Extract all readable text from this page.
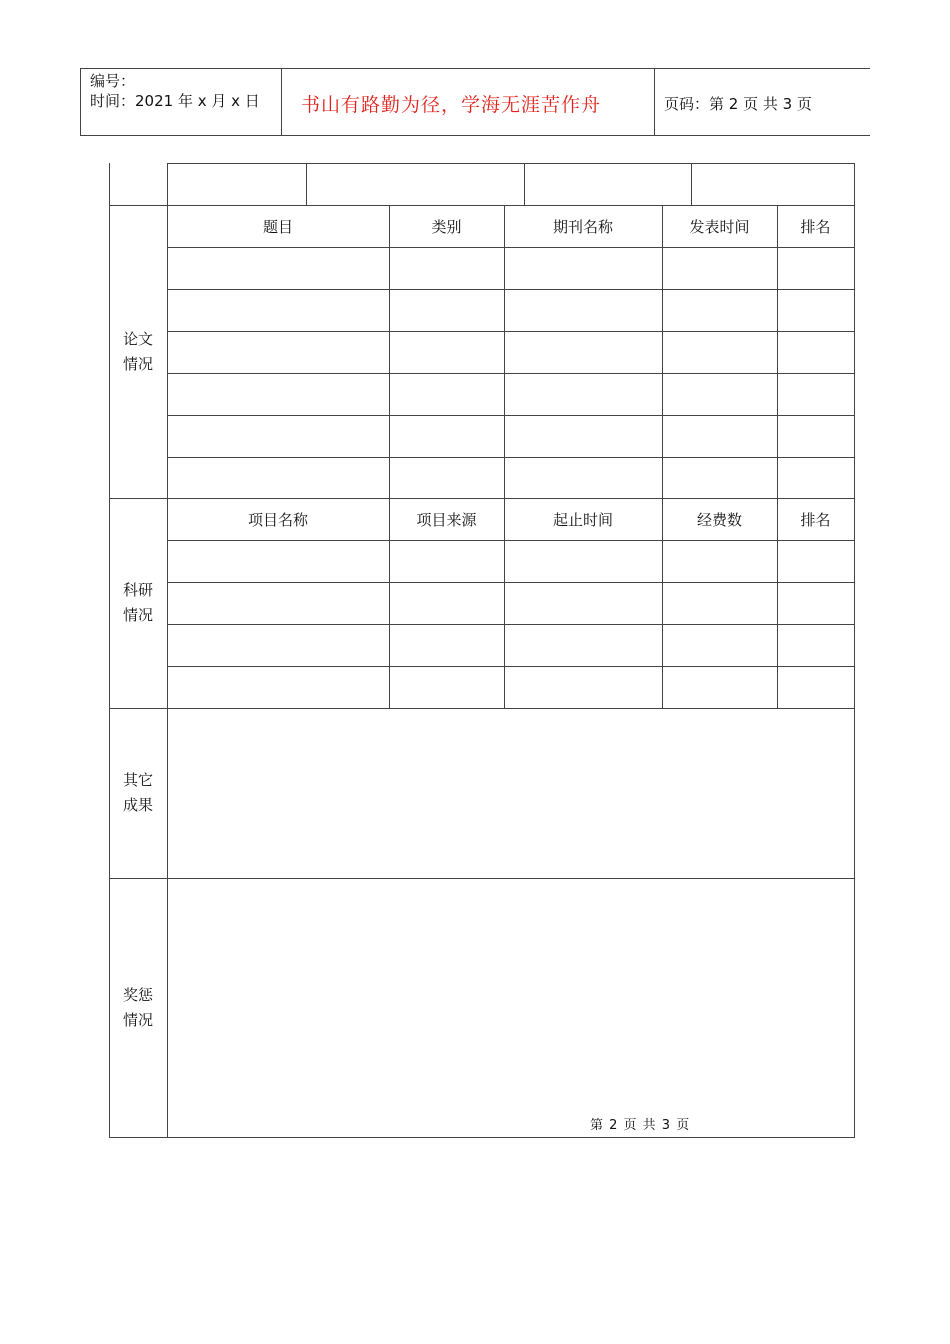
编号：
时间：2021 年 x 月 x 日 书山有路勤为径，学海无涯苦作舟	页码：第 2 页 共 3 页
论文
情况
题目	类别	期刊名称	发表时间	排名
科研
情况
项目名称	项目来源	起止时间	经费数	排名
其它
成果
奖惩
情况
第 2 页 共 3 页
